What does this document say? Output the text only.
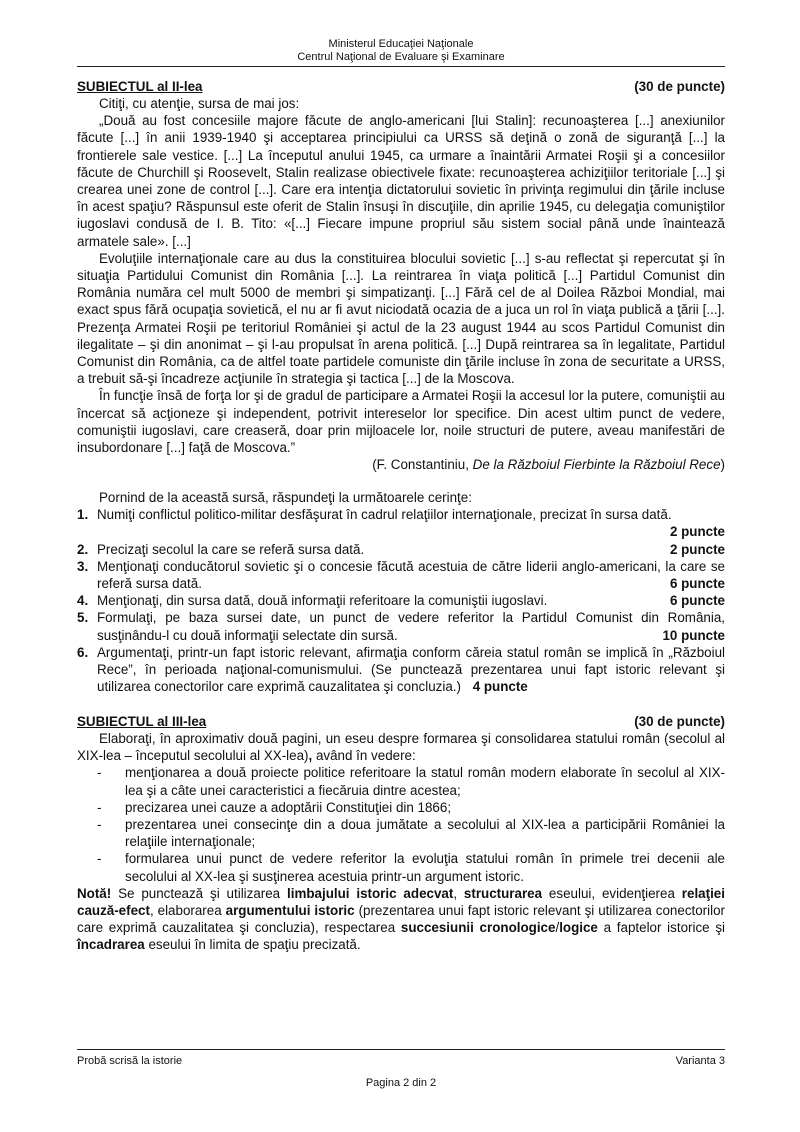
Ministerul Educaţiei Naţionale
Centrul Naţional de Evaluare şi Examinare
SUBIECTUL al II-lea	(30 de puncte)

Citiţi, cu atenţie, sursa de mai jos:

„Două au fost concesiile majore făcute de anglo-americani [lui Stalin]: recunoaşterea [...] anexiunilor făcute [...] în anii 1939-1940 şi acceptarea principiului ca URSS să deţină o zonă de siguranţă [...] la frontierele sale vestice. [...] La începutul anului 1945, ca urmare a înaintării Armatei Roşii şi a concesiilor făcute de Churchill şi Roosevelt, Stalin realizase obiectivele fixate: recunoaşterea achiziţiilor teritoriale [...] şi crearea unei zone de control [...]. Care era intenţia dictatorului sovietic în privinţa regimului din ţările incluse în acest spaţiu? Răspunsul este oferit de Stalin însuşi în discuţiile, din aprilie 1945, cu delegaţia comuniştilor iugoslavi condusă de I. B. Tito: «[...] Fiecare impune propriul său sistem social până unde înaintează armatele sale». [...]

Evoluţiile internaţionale care au dus la constituirea blocului sovietic [...] s-au reflectat şi repercutat şi în situaţia Partidului Comunist din România [...]. La reintrarea în viaţa politică [...] Partidul Comunist din România număra cel mult 5000 de membri şi simpatizanţi. [...] Fără cel de al Doilea Război Mondial, mai exact spus fără ocupaţia sovietică, el nu ar fi avut niciodată ocazia de a juca un rol în viaţa publică a ţării [...]. Prezenţa Armatei Roşii pe teritoriul României şi actul de la 23 august 1944 au scos Partidul Comunist din ilegalitate – şi din anonimat – şi l-au propulsat în arena politică. [...] După reintrarea sa în legalitate, Partidul Comunist din România, ca de altfel toate partidele comuniste din ţările incluse în zona de securitate a URSS, a trebuit să-şi încadreze acţiunile în strategia şi tactica [...] de la Moscova.

În funcţie însă de forţa lor şi de gradul de participare a Armatei Roşii la accesul lor la putere, comuniştii au încercat să acţioneze şi independent, potrivit intereselor lor specifice. Din acest ultim punct de vedere, comuniştii iugoslavi, care creaseră, doar prin mijloacele lor, noile structuri de putere, aveau manifestări de insubordonare [...] faţă de Moscova.”

(F. Constantiniu, De la Războiul Fierbinte la Războiul Rece)

Pornind de la această sursă, răspundeţi la următoarele cerinţe:

1. Numiţi conflictul politico-militar desfăşurat în cadrul relaţiilor internaţionale, precizat în sursa dată.
2 puncte
2. Precizaţi secolul la care se referă sursa dată.	2 puncte
3. Menţionaţi conducătorul sovietic şi o concesie făcută acestuia de către liderii anglo-americani, la care se referă sursa dată.	6 puncte
4. Menţionaţi, din sursa dată, două informaţii referitoare la comuniştii iugoslavi.	6 puncte
5. Formulaţi, pe baza sursei date, un punct de vedere referitor la Partidul Comunist din România, susţinându-l cu două informaţii selectate din sursă.	10 puncte
6. Argumentaţi, printr-un fapt istoric relevant, afirmaţia conform căreia statul român se implică în „Războiul Rece”, în perioada naţional-comunismului. (Se punctează prezentarea unui fapt istoric relevant şi utilizarea conectorilor care exprimă cauzalitatea şi concluzia.) 4 puncte
SUBIECTUL al III-lea	(30 de puncte)

Elaboraţi, în aproximativ două pagini, un eseu despre formarea şi consolidarea statului român (secolul al XIX-lea – începutul secolului al XX-lea), având în vedere:

- menţionarea a două proiecte politice referitoare la statul român modern elaborate în secolul al XIX-lea şi a câte unei caracteristici a fiecăruia dintre acestea;
- precizarea unei cauze a adoptării Constituţiei din 1866;
- prezentarea unei consecinţe din a doua jumătate a secolului al XIX-lea a participării României la relaţiile internaţionale;
- formularea unui punct de vedere referitor la evoluţia statului român în primele trei decenii ale secolului al XX-lea şi susţinerea acestuia printr-un argument istoric.

Notă! Se punctează şi utilizarea limbajului istoric adecvat, structurarea eseului, evidenţierea relaţiei cauză-efect, elaborarea argumentului istoric (prezentarea unui fapt istoric relevant şi utilizarea conectorilor care exprimă cauzalitatea şi concluzia), respectarea succesiunii cronologice/logice a faptelor istorice şi încadrarea eseului în limita de spaţiu precizată.

Probă scrisă la istorie	Varianta 3
Pagina 2 din 2
